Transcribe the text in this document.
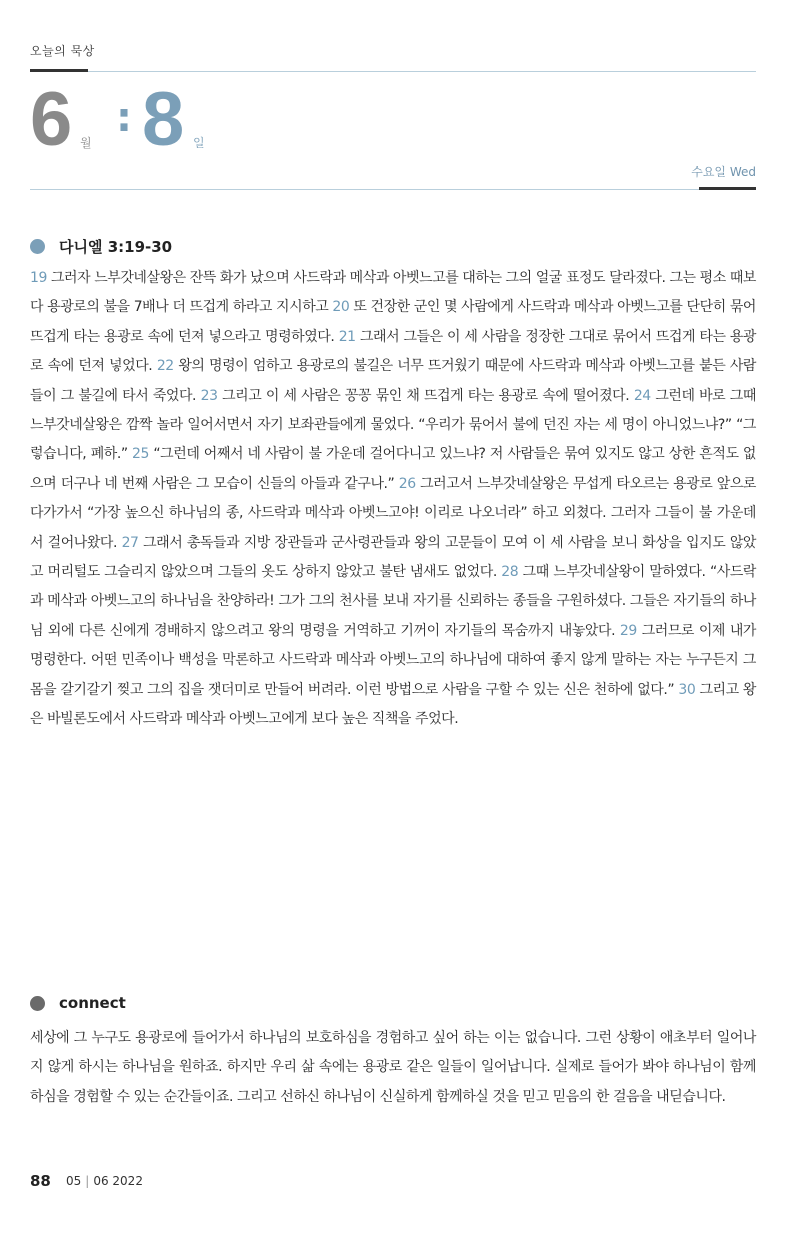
오늘의 묵상
6 월
: 8 일
수요일 Wed
다니엘 3:19-30
19 그러자 느부갓네살왕은 잔뜩 화가 났으며 사드락과 메삭과 아벳느고를 대하는 그의 얼굴 표정도 달라졌다. 그는 평소 때보다 용광로의 불을 7배나 더 뜨겁게 하라고 지시하고 20 또 건장한 군인 몇 사람에게 사드락과 메삭과 아벳느고를 단단히 묶어 뜨겁게 타는 용광로 속에 던져 넣으라고 명령하였다. 21 그래서 그들은 이 세 사람을 정장한 그대로 묶어서 뜨겁게 타는 용광로 속에 던져 넣었다. 22 왕의 명령이 엄하고 용광로의 불길은 너무 뜨거웠기 때문에 사드락과 메삭과 아벳느고를 붙든 사람들이 그 불길에 타서 죽었다. 23 그리고 이 세 사람은 꽁꽁 묶인 채 뜨겁게 타는 용광로 속에 떨어졌다. 24 그런데 바로 그때 느부갓네살왕은 깜짝 놀라 일어서면서 자기 보좌관들에게 물었다. “우리가 묶어서 불에 던진 자는 세 명이 아니었느냐?” “그렇습니다, 폐하.” 25 “그런데 어째서 네 사람이 불 가운데 걸어다니고 있느냐? 저 사람들은 묶여 있지도 않고 상한 흔적도 없으며 더구나 네 번째 사람은 그 모습이 신들의 아들과 같구나.” 26 그러고서 느부갓네살왕은 무섭게 타오르는 용광로 앞으로 다가가서 “가장 높으신 하나님의 종, 사드락과 메삭과 아벳느고야! 이리로 나오너라” 하고 외쳤다. 그러자 그들이 불 가운데서 걸어나왔다. 27 그래서 총독들과 지방 장관들과 군사령관들과 왕의 고문들이 모여 이 세 사람을 보니 화상을 입지도 않았고 머리털도 그슬리지 않았으며 그들의 옷도 상하지 않았고 불탄 냄새도 없었다. 28 그때 느부갓네살왕이 말하였다. “사드락과 메삭과 아벳느고의 하나님을 찬양하라! 그가 그의 천사를 보내 자기를 신뢰하는 종들을 구원하셨다. 그들은 자기들의 하나님 외에 다른 신에게 경배하지 않으려고 왕의 명령을 거역하고 기꺼이 자기들의 목숨까지 내놓았다. 29 그러므로 이제 내가 명령한다. 어떤 민족이나 백성을 막론하고 사드락과 메삭과 아벳느고의 하나님에 대하여 좋지 않게 말하는 자는 누구든지 그 몸을 갈기갈기 찢고 그의 집을 잿더미로 만들어 버려라. 이런 방법으로 사람을 구할 수 있는 신은 천하에 없다.” 30 그리고 왕은 바빌론도에서 사드락과 메삭과 아벳느고에게 보다 높은 직책을 주었다.
connect
세상에 그 누구도 용광로에 들어가서 하나님의 보호하심을 경험하고 싶어 하는 이는 없습니다. 그런 상황이 애초부터 일어나지 않게 하시는 하나님을 원하죠. 하지만 우리 삶 속에는 용광로 같은 일들이 일어납니다. 실제로 들어가 봐야 하나님이 함께하심을 경험할 수 있는 순간들이죠. 그리고 선하신 하나님이 신실하게 함께하실 것을 믿고 믿음의 한 걸음을 내딛습니다.
88 05 | 06 2022
